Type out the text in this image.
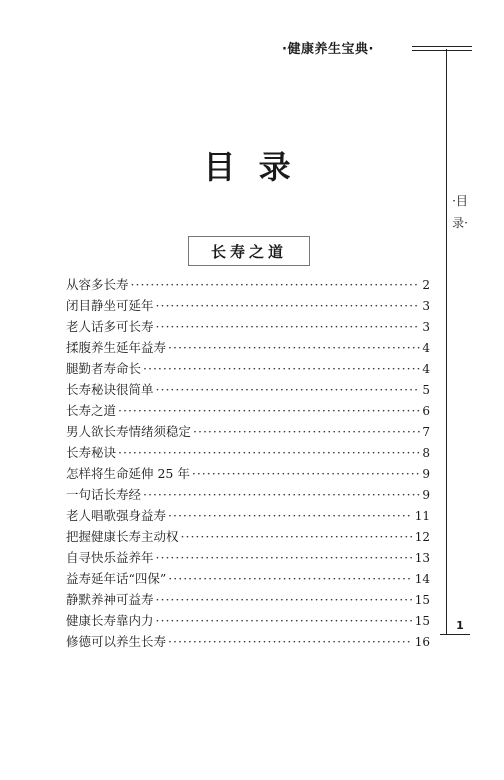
·健康养生宝典·
·目
录·
目 录
长寿之道
从容多长寿 ·····	2
闭目静坐可延年 ·····	3
老人话多可长寿 ·····	3
揉腹养生延年益寿 ·····	4
腿勤者寿命长 ·····	4
长寿秘诀很简单 ·····	5
长寿之道 ·····	6
男人欲长寿情绪须稳定 ·····	7
长寿秘诀 ·····	8
怎样将生命延伸 25 年 ·····	9
一句话长寿经 ·····	9
老人唱歌强身益寿 ·····	11
把握健康长寿主动权 ·····	12
自寻快乐益养年 ·····	13
益寿延年话“四保” ·····	14
静默养神可益寿 ·····	15
健康长寿靠内力 ·····	15
修德可以养生长寿 ·····	16
1
